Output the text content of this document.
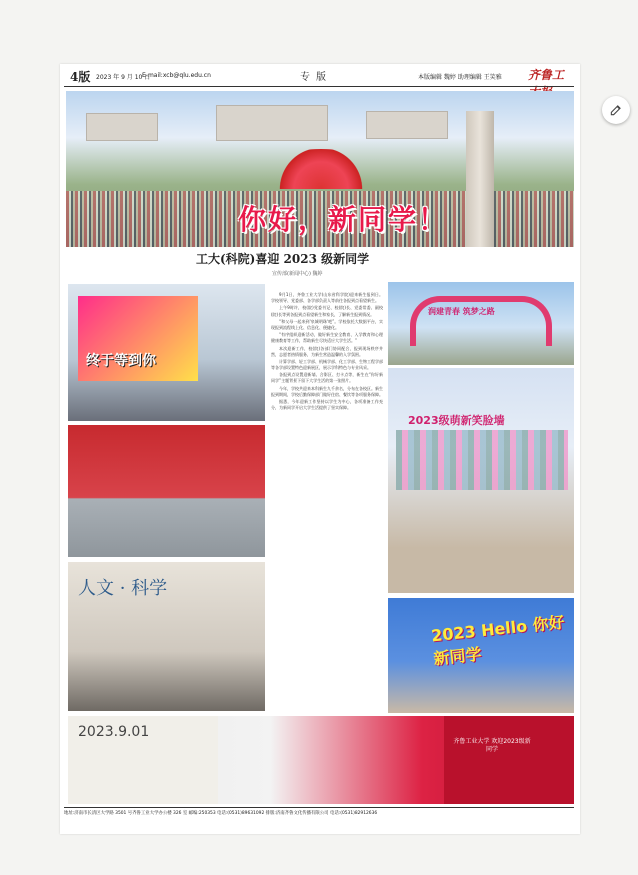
4版 2023 年 9 月 10 日
E-mail:xcb@qlu.edu.cn	专版	本版编辑 魏婷 助理编辑 王笑雅 齐鲁工
你好，新同学！
工大(科院)喜迎 2023 级新同学
宣传部(新闻中心) 魏婷
终于等到你
人文 · 科学

9月1日，齐鲁工业大学(山东省科学院)迎来新生报到日。学校领导、党委部、各学部负责人等前往各报到点看望新生。

上午9时许，校(院)党委书记、校(院)长、党委常委、副校(院)长等到各报到点看望新生和家长，了解新生报到情况。

“和父母一起来到'泉城明珠'吧”。学校依托大数据平台，实现报到流程线上化、信息化、便捷化。

“有序组织迎新活动，做好新生安全教育、入学教育和心理健康教育等工作，帮助新生尽快适应大学生活。”

本次迎新工作，校(院)各部门协同配合，报到现场秩序井然，志愿者热情服务，为新生营造温馨的入学氛围。

计算学部、轻工学部、机械学部、化工学部、生物工程学部等各学部设置特色迎新展区，展示学科特色与专业风采。

各报到点设置迎新墙、合影区、打卡点等，新生在“你好新同学”主题背景下留下大学生活的第一张照片。

今年，学校共迎来本科新生九千余名，分布在各校区。新生报到期间，学校后勤保障部门做好住宿、餐饮等各项服务保障。

据悉，今年迎新工作坚持以学生为中心，各项准备工作充分，为新同学开启大学生活提供了坚实保障。

润建青春 筑梦之路
2023级萌新笑脸墙
2023 Hello 你好新同学
2023.9.01
齐鲁工业大学 欢迎2023级新同学
地址:济南市长清区大学路 3501 号齐鲁工业大学办公楼 326 室 邮编:250353 电话:(0531)89631092 排版:济南齐鲁文化传播有限公司 电话:(0531)82912636
